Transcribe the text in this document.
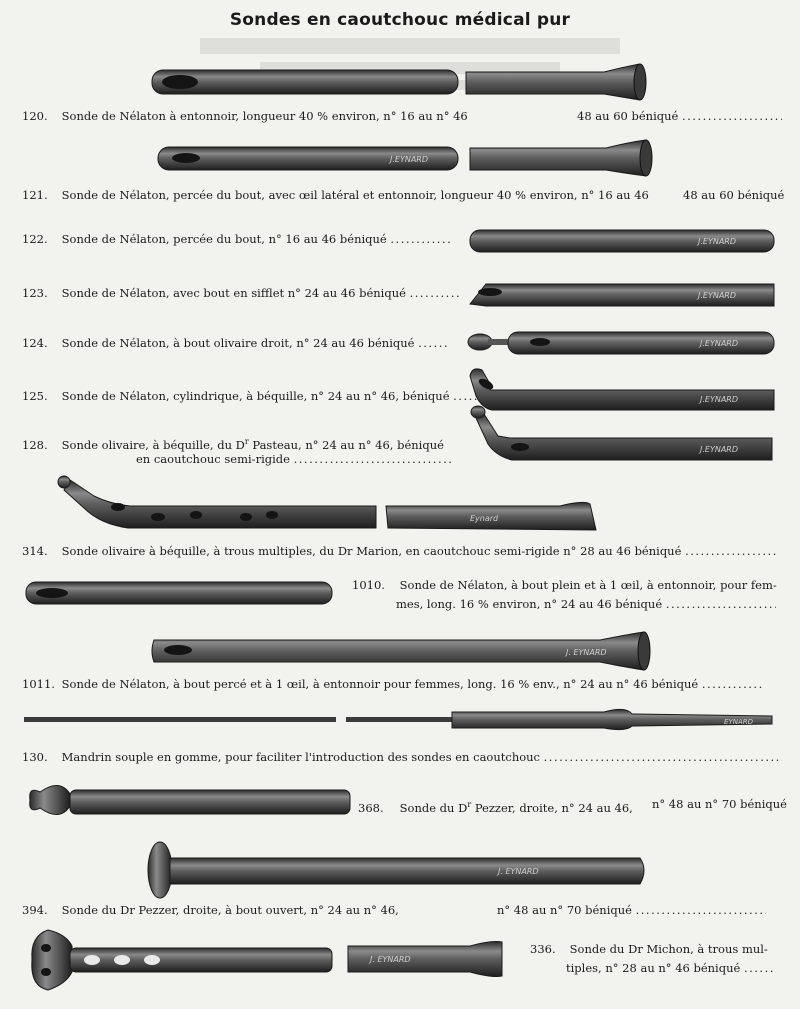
Sondes en caoutchouc médical pur
120. Sonde de Nélaton à entonnoir, longueur 40 % environ, n° 16 au n° 46	48 au 60 béniqué .....
121. Sonde de Nélaton, percée du bout, avec œil latéral et entonnoir, longueur 40 % environ, n° 16 au 46	48 au 60 béniqué
122. Sonde de Nélaton, percée du bout, n° 16 au 46 béniqué .....
123. Sonde de Nélaton, avec bout en sifflet n° 24 au 46 béniqué .....
124. Sonde de Nélaton, à bout olivaire droit, n° 24 au 46 béniqué .....
125. Sonde de Nélaton, cylindrique, à béquille, n° 24 au n° 46, béniqué .....
128. Sonde olivaire, à béquille, du $D^r$ Pasteau, n° 24 au n° 46, béniqué
en caoutchouc semi-rigide .....
314. Sonde olivaire à béquille, à trous multiples, du Dr Marion, en caoutchouc semi-rigide n° 28 au 46 béniqué .....
1010. Sonde de Nélaton, à bout plein et à 1 œil, à entonnoir, pour fem-
mes, long. 16 % environ, n° 24 au 46 béniqué .....
1011. Sonde de Nélaton, à bout percé et à 1 œil, à entonnoir pour femmes, long. 16 % env., n° 24 au n° 46 béniqué .....
130. Mandrin souple en gomme, pour faciliter l'introduction des sondes en caoutchouc .....
368. Sonde du $D^r$ Pezzer, droite, n° 24 au 46, n° 48 au n° 70 béniqué
394. Sonde du Dr Pezzer, droite, à bout ouvert, n° 24 au n° 46,	n° 48 au n° 70 béniqué .....
336. Sonde du Dr Michon, à trous mul-
tiples, n° 28 au n° 46 béniqué .....
J.EYNARD
J.EYNARD
J.EYNARD
J.EYNARD
J.EYNARD
J.EYNARD
Eynard
J. EYNARD
EYNARD
J. EYNARD
J. EYNARD
